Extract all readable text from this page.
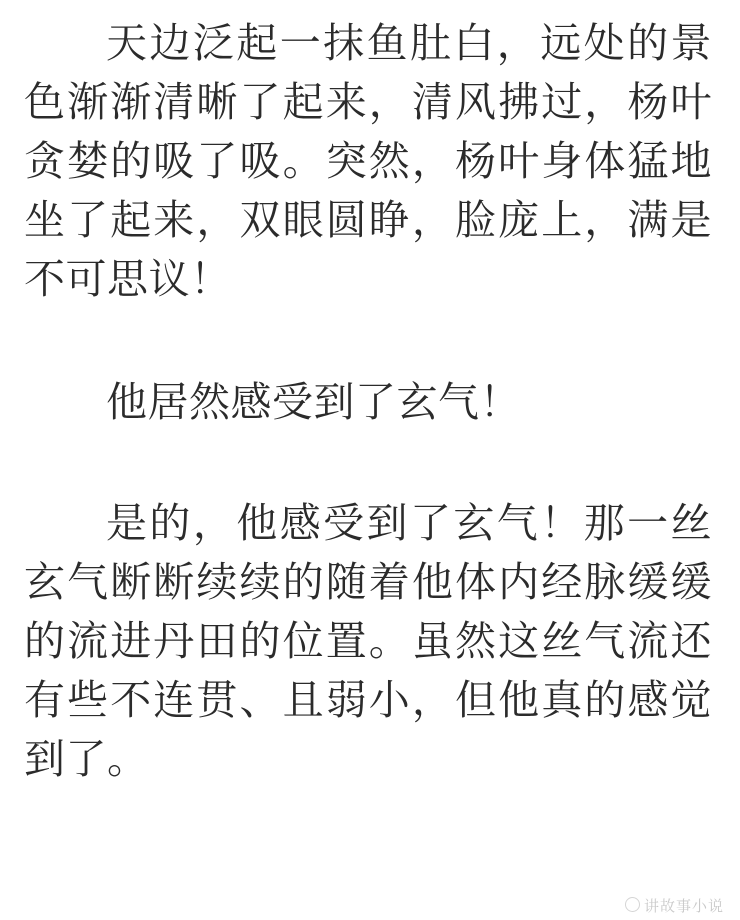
天边泛起一抹鱼肚白，远处的景色渐渐清晰了起来，清风拂过，杨叶贪婪的吸了吸。突然，杨叶身体猛地坐了起来，双眼圆睁，脸庞上，满是不可思议！

他居然感受到了玄气！

是的，他感受到了玄气！那一丝玄气断断续续的随着他体内经脉缓缓的流进丹田的位置。虽然这丝气流还有些不连贯、且弱小，但他真的感觉到了。

讲故事小说
